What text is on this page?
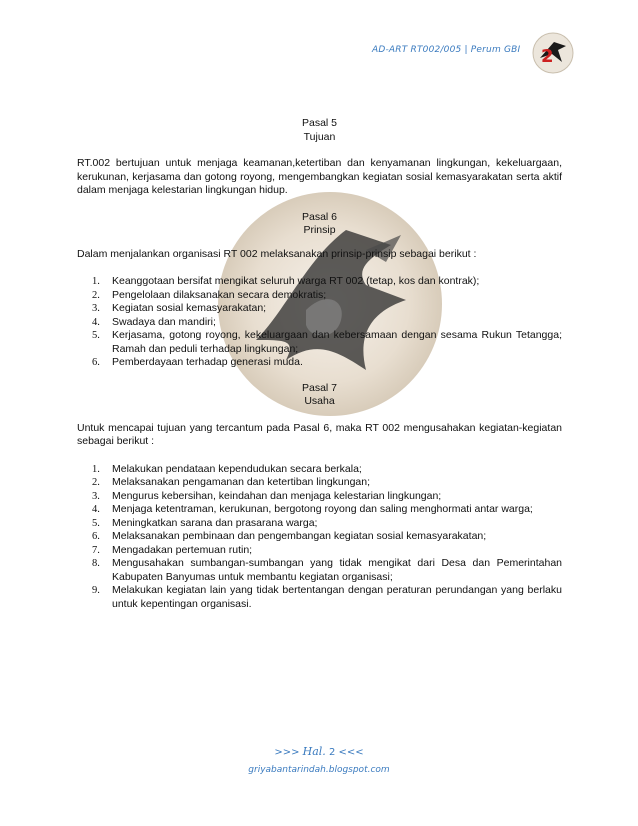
AD-ART RT002/005 | Perum GBI 2

Pasal 5

Tujuan

RT.002 bertujuan untuk menjaga keamanan,ketertiban dan kenyamanan lingkungan, kekeluargaan, kerukunan, kerjasama dan gotong royong, mengembangkan kegiatan sosial kemasyarakatan serta aktif dalam menjaga kelestarian lingkungan hidup.

Pasal 6

Prinsip

Dalam menjalankan organisasi RT 002 melaksanakan prinsip-prinsip sebagai berikut :

1. Keanggotaan bersifat mengikat seluruh warga RT 002 (tetap, kos dan kontrak);
2. Pengelolaan dilaksanakan secara demokratis;
3. Kegiatan sosial kemasyarakatan;
4. Swadaya dan mandiri;
5. Kerjasama, gotong royong, kekeluargaan dan kebersamaan dengan sesama Rukun Tetangga; Ramah dan peduli terhadap lingkungan;
6. Pemberdayaan terhadap generasi muda.

Pasal 7

Usaha

Untuk mencapai tujuan yang tercantum pada Pasal 6, maka RT 002 mengusahakan kegiatan-kegiatan sebagai berikut :

1. Melakukan pendataan kependudukan secara berkala;
2. Melaksanakan pengamanan dan ketertiban lingkungan;
3. Mengurus kebersihan, keindahan dan menjaga kelestarian lingkungan;
4. Menjaga ketentraman, kerukunan, bergotong royong dan saling menghormati antar warga;
5. Meningkatkan sarana dan prasarana warga;
6. Melaksanakan pembinaan dan pengembangan kegiatan sosial kemasyarakatan;
7. Mengadakan pertemuan rutin;
8. Mengusahakan sumbangan-sumbangan yang tidak mengikat dari Desa dan Pemerintahan Kabupaten Banyumas untuk membantu kegiatan organisasi;
9. Melakukan kegiatan lain yang tidak bertentangan dengan peraturan perundangan yang berlaku untuk kepentingan organisasi.
>>> Hal. 2 <<<
griyabantarindah.blogspot.com
